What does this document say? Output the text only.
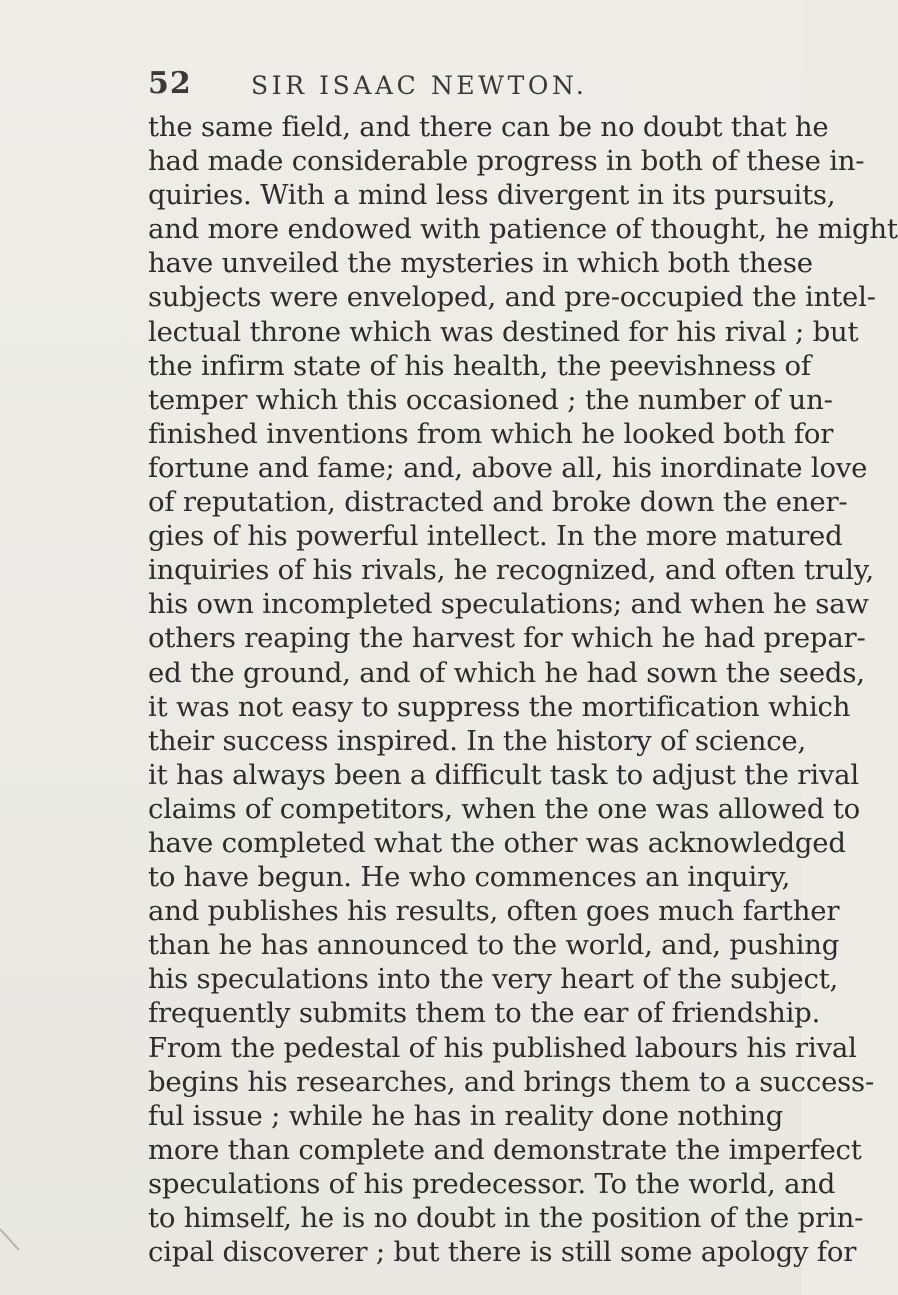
52 SIR ISAAC NEWTON.
the same field, and there can be no doubt that he
had made considerable progress in both of these in-
quiries. With a mind less divergent in its pursuits,
and more endowed with patience of thought, he might
have unveiled the mysteries in which both these
subjects were enveloped, and pre-occupied the intel-
lectual throne which was destined for his rival ; but
the infirm state of his health, the peevishness of
temper which this occasioned ; the number of un-
finished inventions from which he looked both for
fortune and fame; and, above all, his inordinate love
of reputation, distracted and broke down the ener-
gies of his powerful intellect. In the more matured
inquiries of his rivals, he recognized, and often truly,
his own incompleted speculations; and when he saw
others reaping the harvest for which he had prepar-
ed the ground, and of which he had sown the seeds,
it was not easy to suppress the mortification which
their success inspired. In the history of science,
it has always been a difficult task to adjust the rival
claims of competitors, when the one was allowed to
have completed what the other was acknowledged
to have begun. He who commences an inquiry,
and publishes his results, often goes much farther
than he has announced to the world, and, pushing
his speculations into the very heart of the subject,
frequently submits them to the ear of friendship.
From the pedestal of his published labours his rival
begins his researches, and brings them to a success-
ful issue ; while he has in reality done nothing
more than complete and demonstrate the imperfect
speculations of his predecessor. To the world, and
to himself, he is no doubt in the position of the prin-
cipal discoverer ; but there is still some apology for
